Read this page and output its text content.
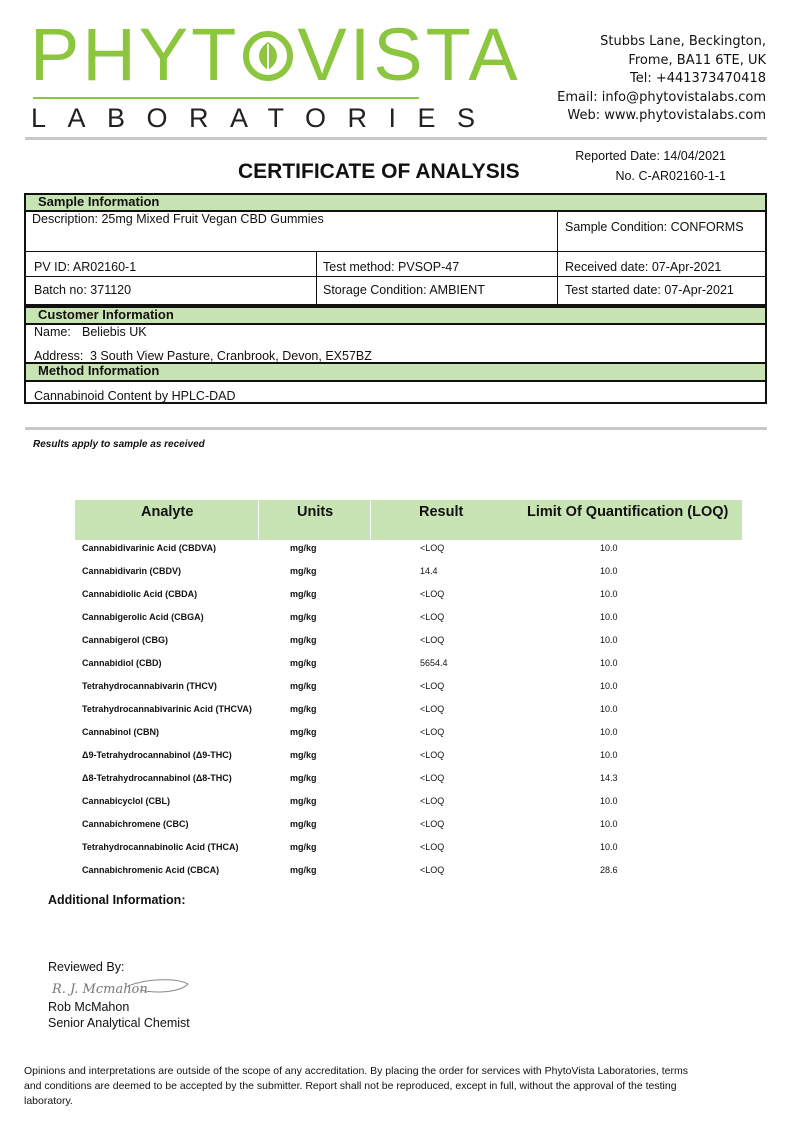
PHYT VISTA
LABORATORIES
Stubbs Lane, Beckington,
Frome, BA11 6TE, UK
Tel: +441373470418
Email: info@phytovistalabs.com
Web: www.phytovistalabs.com
CERTIFICATE OF ANALYSIS
Reported Date: 14/04/2021
No. C-AR02160-1-1
Sample Information
Description: 25mg Mixed Fruit Vegan CBD Gummies
Sample Condition: CONFORMS
PV ID: AR02160-1	Test method: PVSOP-47	Received date: 07-Apr-2021
Batch no: 371120	Storage Condition: AMBIENT	Test started date: 07-Apr-2021
Customer Information
Name: Beliebis UK
Address: 3 South View Pasture, Cranbrook, Devon, EX57BZ
Method Information
Cannabinoid Content by HPLC-DAD
Results apply to sample as received
Analyte	Units	Result	Limit Of Quantification (LOQ)
Cannabidivarinic Acid (CBDVA)	mg/kg	<LOQ	10.0
Cannabidivarin (CBDV)	mg/kg	14.4	10.0
Cannabidiolic Acid (CBDA)	mg/kg	<LOQ	10.0
Cannabigerolic Acid (CBGA)	mg/kg	<LOQ	10.0
Cannabigerol (CBG)	mg/kg	<LOQ	10.0
Cannabidiol (CBD)	mg/kg	5654.4	10.0
Tetrahydrocannabivarin (THCV)	mg/kg	<LOQ	10.0
Tetrahydrocannabivarinic Acid (THCVA)	mg/kg	<LOQ	10.0
Cannabinol (CBN)	mg/kg	<LOQ	10.0
Δ9-Tetrahydrocannabinol (Δ9-THC)	mg/kg	<LOQ	10.0
Δ8-Tetrahydrocannabinol (Δ8-THC)	mg/kg	<LOQ	14.3
Cannabicyclol (CBL)	mg/kg	<LOQ	10.0
Cannabichromene (CBC)	mg/kg	<LOQ	10.0
Tetrahydrocannabinolic Acid (THCA)	mg/kg	<LOQ	10.0
Cannabichromenic Acid (CBCA)	mg/kg	<LOQ	28.6
Additional Information:
Reviewed By:
R. J. Mcmahon
Rob McMahon
Senior Analytical Chemist
Opinions and interpretations are outside of the scope of any accreditation. By placing the order for services with PhytoVista Laboratories, terms and conditions are deemed to be accepted by the submitter. Report shall not be reproduced, except in full, without the approval of the testing laboratory.
